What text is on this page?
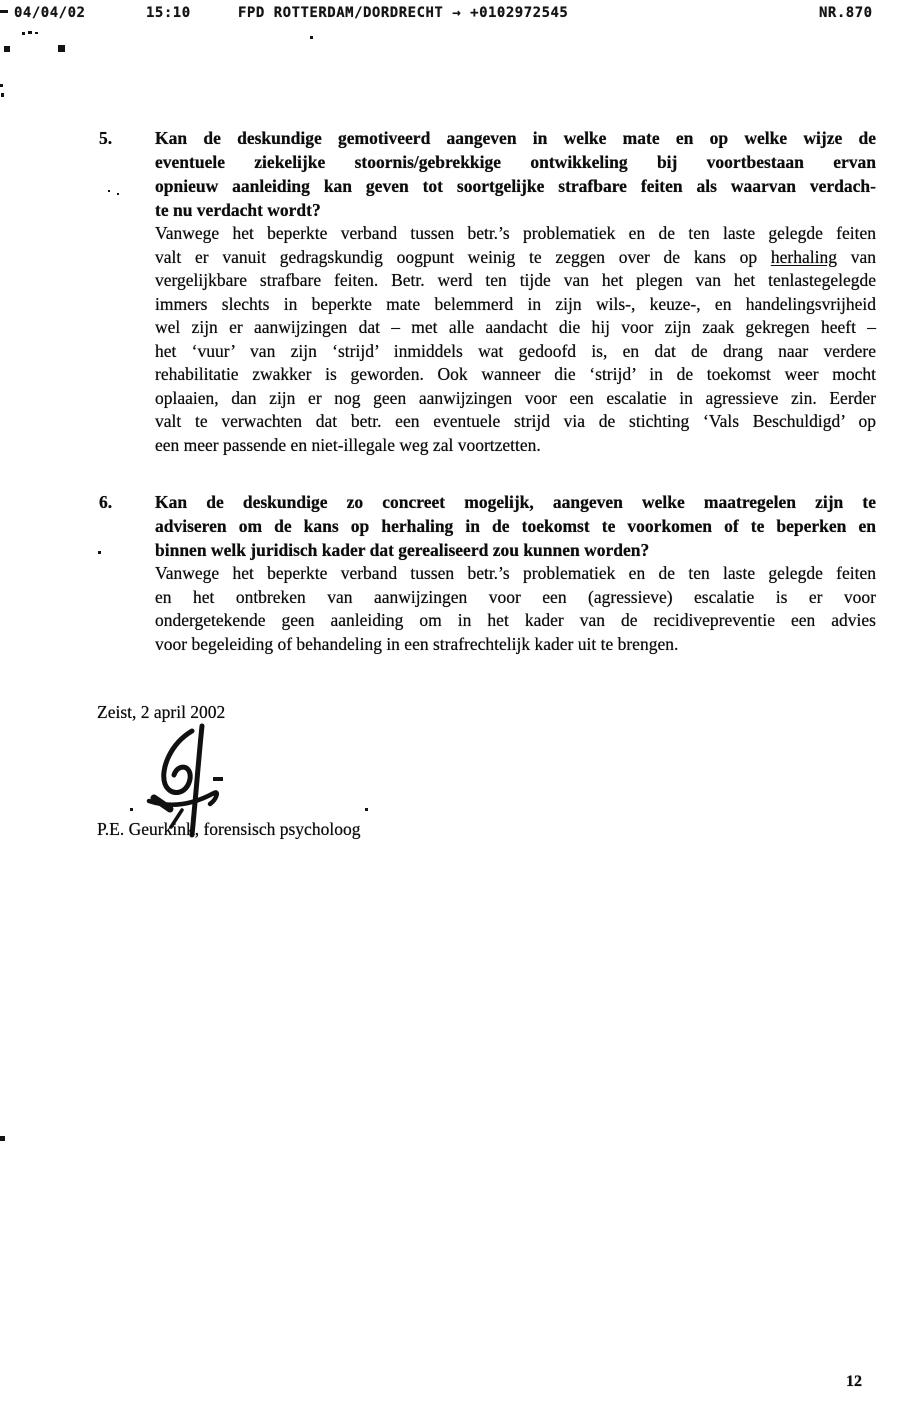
04/04/02	15:10	FPD ROTTERDAM/DORDRECHT → +0102972545	NR.870
5.	Kan de deskundige gemotiveerd aangeven in welke mate en op welke wijze de
eventuele ziekelijke stoornis/gebrekkige ontwikkeling bij voortbestaan ervan
opnieuw aanleiding kan geven tot soortgelijke strafbare feiten als waarvan verdach-
te nu verdacht wordt?
Vanwege het beperkte verband tussen betr.’s problematiek en de ten laste gelegde feiten
valt er vanuit gedragskundig oogpunt weinig te zeggen over de kans op herhaling van
vergelijkbare strafbare feiten. Betr. werd ten tijde van het plegen van het tenlastegelegde
immers slechts in beperkte mate belemmerd in zijn wils-, keuze-, en handelingsvrijheid
wel zijn er aanwijzingen dat – met alle aandacht die hij voor zijn zaak gekregen heeft –
het ‘vuur’ van zijn ‘strijd’ inmiddels wat gedoofd is, en dat de drang naar verdere
rehabilitatie zwakker is geworden. Ook wanneer die ‘strijd’ in de toekomst weer mocht
oplaaien, dan zijn er nog geen aanwijzingen voor een escalatie in agressieve zin. Eerder
valt te verwachten dat betr. een eventuele strijd via de stichting ‘Vals Beschuldigd’ op
een meer passende en niet-illegale weg zal voortzetten.
6.	Kan de deskundige zo concreet mogelijk, aangeven welke maatregelen zijn te
adviseren om de kans op herhaling in de toekomst te voorkomen of te beperken en
binnen welk juridisch kader dat gerealiseerd zou kunnen worden?
Vanwege het beperkte verband tussen betr.’s problematiek en de ten laste gelegde feiten
en het ontbreken van aanwijzingen voor een (agressieve) escalatie is er voor
ondergetekende geen aanleiding om in het kader van de recidivepreventie een advies
voor begeleiding of behandeling in een strafrechtelijk kader uit te brengen.
Zeist, 2 april 2002
P.E. Geurkink, forensisch psycholoog
12
